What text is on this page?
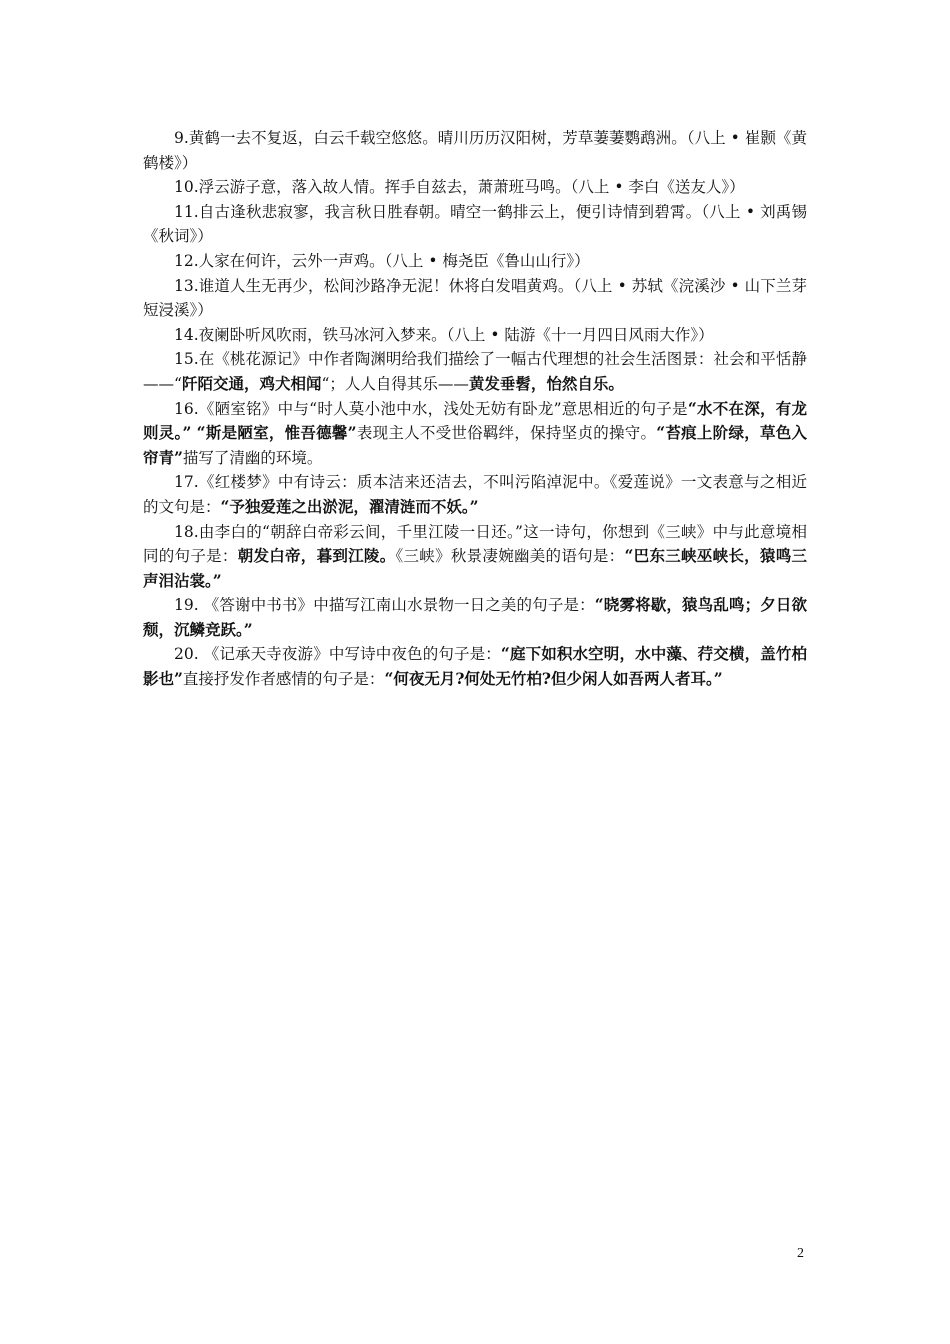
9.黄鹤一去不复返，白云千载空悠悠。晴川历历汉阳树，芳草萋萋鹦鹉洲。（八上 • 崔颢《黄鹤楼》）

10.浮云游子意，落入故人情。挥手自兹去，萧萧班马鸣。（八上 • 李白《送友人》）

11.自古逢秋悲寂寥，我言秋日胜春朝。晴空一鹤排云上，便引诗情到碧霄。（八上 • 刘禹锡《秋词》）

12.人家在何许，云外一声鸡。（八上 • 梅尧臣《鲁山山行》）

13.谁道人生无再少，松间沙路净无泥！休将白发唱黄鸡。（八上 • 苏轼《浣溪沙 • 山下兰芽短浸溪》）

14.夜阑卧听风吹雨，铁马冰河入梦来。（八上 • 陆游《十一月四日风雨大作》）

15.在《桃花源记》中作者陶渊明给我们描绘了一幅古代理想的社会生活图景：社会和平恬静——“阡陌交通，鸡犬相闻“；人人自得其乐——黄发垂髫，怡然自乐。

16.《陋室铭》中与“时人莫小池中水，浅处无妨有卧龙”意思相近的句子是“水不在深，有龙则灵。” “斯是陋室，惟吾德馨”表现主人不受世俗羁绊，保持坚贞的操守。“苔痕上阶绿，草色入帘青”描写了清幽的环境。

17.《红楼梦》中有诗云：质本洁来还洁去，不叫污陷淖泥中。《爱莲说》一文表意与之相近的文句是：“予独爱莲之出淤泥，濯清涟而不妖。”

18.由李白的“朝辞白帝彩云间，千里江陵一日还。”这一诗句，你想到《三峡》中与此意境相同的句子是：朝发白帝，暮到江陵。《三峡》秋景凄婉幽美的语句是：“巴东三峡巫峡长，猿鸣三声泪沾裳。”

19. 《答谢中书书》中描写江南山水景物一日之美的句子是：“晓雾将歇，猿鸟乱鸣；夕日欲颓，沉鳞竞跃。”

20. 《记承天寺夜游》中写诗中夜色的句子是：“庭下如积水空明，水中藻、荇交横，盖竹柏影也”直接抒发作者感情的句子是：“何夜无月?何处无竹柏?但少闲人如吾两人者耳。”

2
